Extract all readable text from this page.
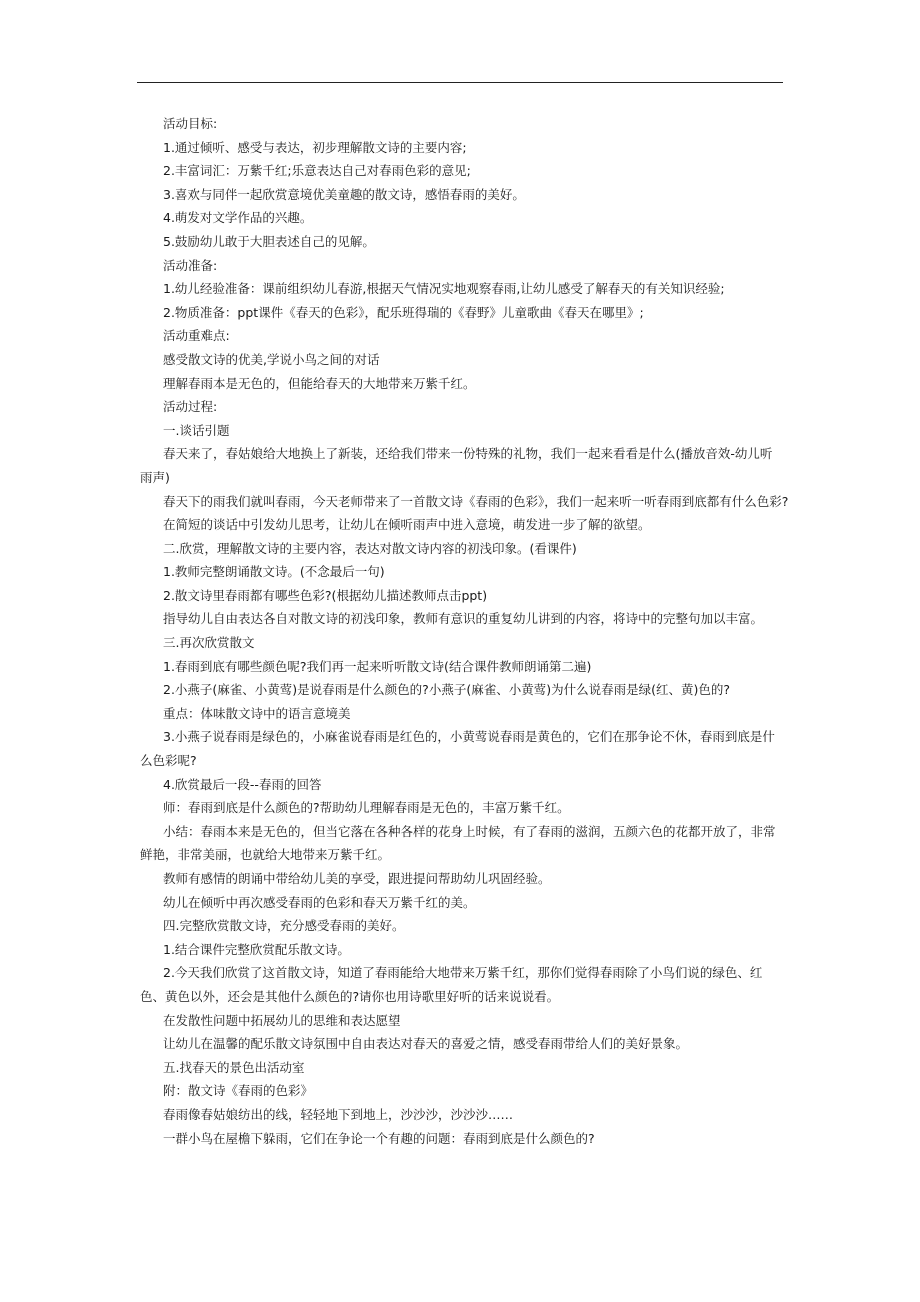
活动目标:

1.通过倾听、感受与表达，初步理解散文诗的主要内容;

2.丰富词汇：万紫千红;乐意表达自己对春雨色彩的意见;

3.喜欢与同伴一起欣赏意境优美童趣的散文诗，感悟春雨的美好。

4.萌发对文学作品的兴趣。

5.鼓励幼儿敢于大胆表述自己的见解。

活动准备:

1.幼儿经验准备：课前组织幼儿春游,根据天气情况实地观察春雨,让幼儿感受了解春天的有关知识经验;

2.物质准备：ppt课件《春天的色彩》，配乐班得瑞的《春野》儿童歌曲《春天在哪里》;

活动重难点:

感受散文诗的优美,学说小鸟之间的对话

理解春雨本是无色的，但能给春天的大地带来万紫千红。

活动过程:

一.谈话引题

春天来了，春姑娘给大地换上了新装，还给我们带来一份特殊的礼物，我们一起来看看是什么(播放音效-幼儿听雨声)

春天下的雨我们就叫春雨，今天老师带来了一首散文诗《春雨的色彩》，我们一起来听一听春雨到底都有什么色彩?

在简短的谈话中引发幼儿思考，让幼儿在倾听雨声中进入意境，萌发进一步了解的欲望。

二.欣赏，理解散文诗的主要内容，表达对散文诗内容的初浅印象。(看课件)

1.教师完整朗诵散文诗。(不念最后一句)

2.散文诗里春雨都有哪些色彩?(根据幼儿描述教师点击ppt)

指导幼儿自由表达各自对散文诗的初浅印象，教师有意识的重复幼儿讲到的内容，将诗中的完整句加以丰富。

三.再次欣赏散文

1.春雨到底有哪些颜色呢?我们再一起来听听散文诗(结合课件教师朗诵第二遍)

2.小燕子(麻雀、小黄莺)是说春雨是什么颜色的?小燕子(麻雀、小黄莺)为什么说春雨是绿(红、黄)色的?

重点：体味散文诗中的语言意境美

3.小燕子说春雨是绿色的，小麻雀说春雨是红色的，小黄莺说春雨是黄色的，它们在那争论不休，春雨到底是什么色彩呢?

4.欣赏最后一段--春雨的回答

师：春雨到底是什么颜色的?帮助幼儿理解春雨是无色的，丰富万紫千红。

小结：春雨本来是无色的，但当它落在各种各样的花身上时候，有了春雨的滋润，五颜六色的花都开放了，非常鲜艳，非常美丽，也就给大地带来万紫千红。

教师有感情的朗诵中带给幼儿美的享受，跟进提问帮助幼儿巩固经验。

幼儿在倾听中再次感受春雨的色彩和春天万紫千红的美。

四.完整欣赏散文诗，充分感受春雨的美好。

1.结合课件完整欣赏配乐散文诗。

2.今天我们欣赏了这首散文诗，知道了春雨能给大地带来万紫千红，那你们觉得春雨除了小鸟们说的绿色、红色、黄色以外，还会是其他什么颜色的?请你也用诗歌里好听的话来说说看。

在发散性问题中拓展幼儿的思维和表达愿望

让幼儿在温馨的配乐散文诗氛围中自由表达对春天的喜爱之情，感受春雨带给人们的美好景象。

五.找春天的景色出活动室

附：散文诗《春雨的色彩》

春雨像春姑娘纺出的线，轻轻地下到地上，沙沙沙，沙沙沙……

一群小鸟在屋檐下躲雨，它们在争论一个有趣的问题：春雨到底是什么颜色的?
